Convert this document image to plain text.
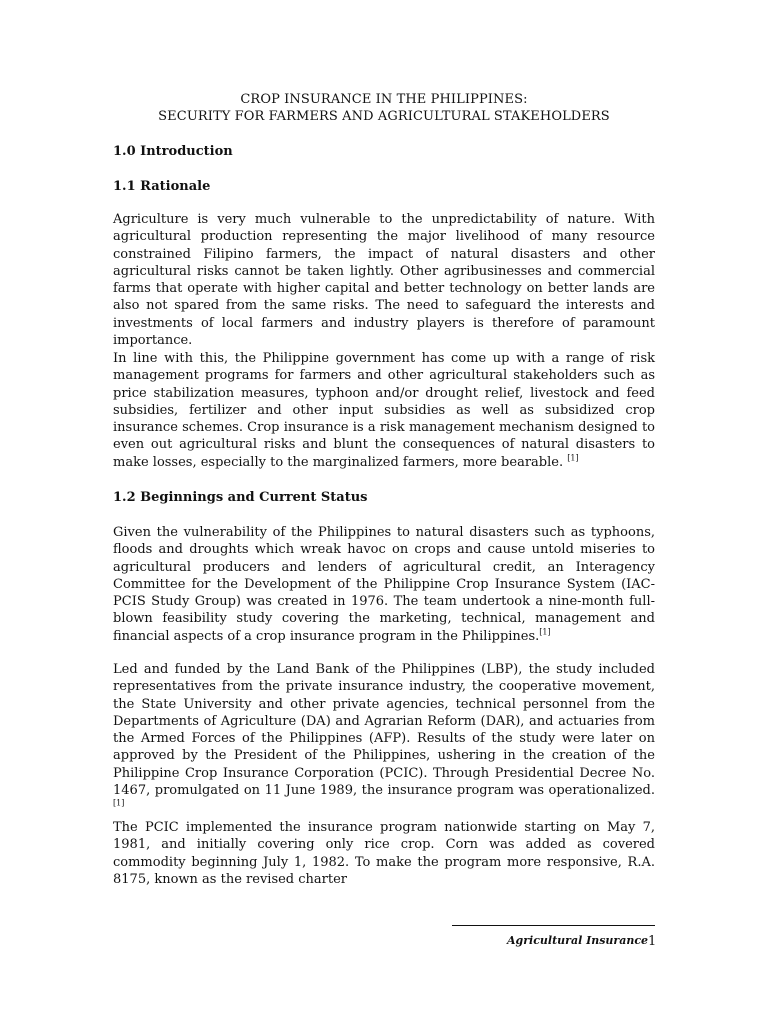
CROP INSURANCE IN THE PHILIPPINES:
SECURITY FOR FARMERS AND AGRICULTURAL STAKEHOLDERS
1.0 Introduction
1.1 Rationale

Agriculture is very much vulnerable to the unpredictability of nature. With agricultural production representing the major livelihood of many resource constrained Filipino farmers, the impact of natural disasters and other agricultural risks cannot be taken lightly. Other agribusinesses and commercial farms that operate with higher capital and better technology on better lands are also not spared from the same risks. The need to safeguard the interests and investments of local farmers and industry players is therefore of paramount importance.

In line with this, the Philippine government has come up with a range of risk management programs for farmers and other agricultural stakeholders such as price stabilization measures, typhoon and/or drought relief, livestock and feed subsidies, fertilizer and other input subsidies as well as subsidized crop insurance schemes. Crop insurance is a risk management mechanism designed to even out agricultural risks and blunt the consequences of natural disasters to make losses, especially to the marginalized farmers, more bearable. [1]

1.2 Beginnings and Current Status

Given the vulnerability of the Philippines to natural disasters such as typhoons, floods and droughts which wreak havoc on crops and cause untold miseries to agricultural producers and lenders of agricultural credit, an Interagency Committee for the Development of the Philippine Crop Insurance System (IAC-PCIS Study Group) was created in 1976. The team undertook a nine-month full-blown feasibility study covering the marketing, technical, management and financial aspects of a crop insurance program in the Philippines.[1]

Led and funded by the Land Bank of the Philippines (LBP), the study included representatives from the private insurance industry, the cooperative movement, the State University and other private agencies, technical personnel from the Departments of Agriculture (DA) and Agrarian Reform (DAR), and actuaries from the Armed Forces of the Philippines (AFP). Results of the study were later on approved by the President of the Philippines, ushering in the creation of the Philippine Crop Insurance Corporation (PCIC). Through Presidential Decree No. 1467, promulgated on 11 June 1989, the insurance program was operationalized. [1]

The PCIC implemented the insurance program nationwide starting on May 7, 1981, and initially covering only rice crop. Corn was added as covered commodity beginning July 1, 1982. To make the program more responsive, R.A. 8175, known as the revised charter

Agricultural Insurance 1
